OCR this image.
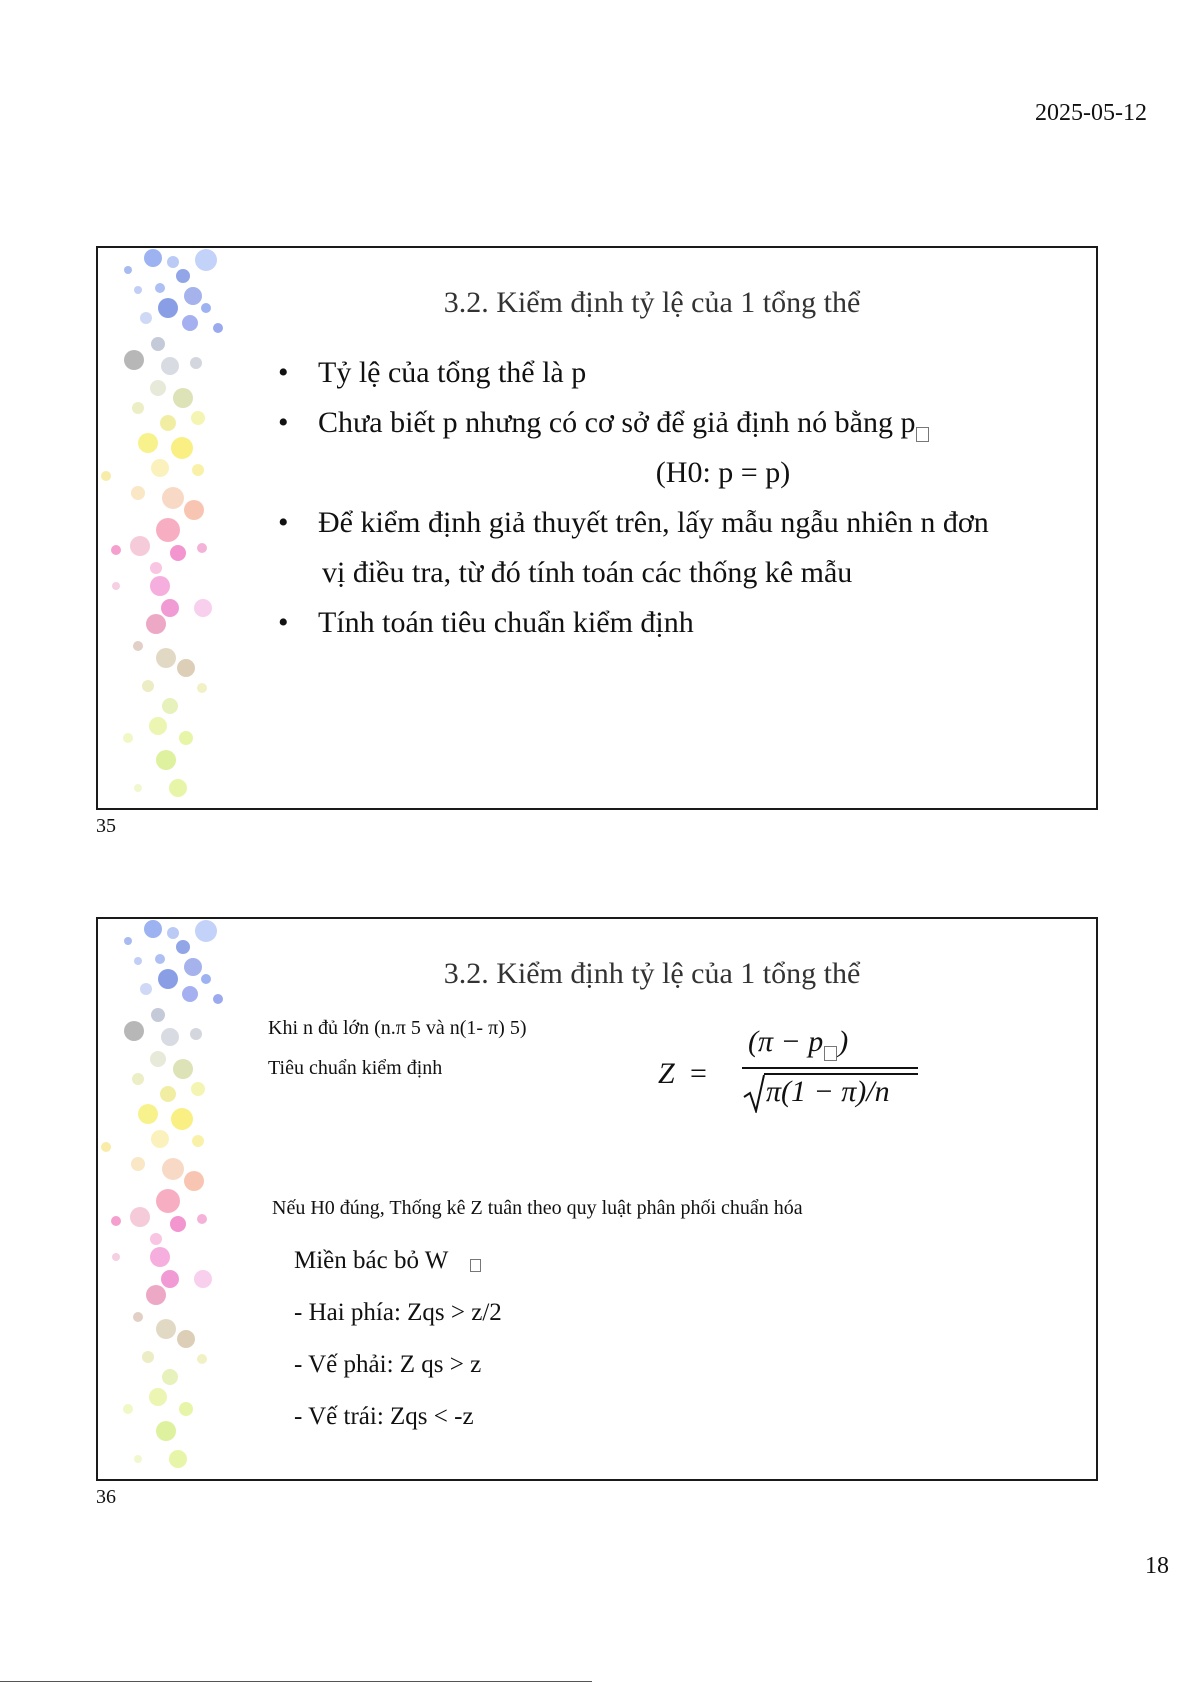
2025-05-12
3.2. Kiểm định tỷ lệ của 1 tổng thể
• Tỷ lệ của tổng thể là p
• Chưa biết p nhưng có cơ sở để giả định nó bằng p
(H0: p = p)
• Để kiểm định giả thuyết trên, lấy mẫu ngẫu nhiên n đơn
vị điều tra, từ đó tính toán các thống kê mẫu
• Tính toán tiêu chuẩn kiểm định
35
3.2. Kiểm định tỷ lệ của 1 tổng thể
Khi n đủ lớn (n.π 5 và n(1- π) 5)
Tiêu chuẩn kiểm định	Z =
(π − p )
π(1 − π)/n
Nếu H0 đúng, Thống kê Z tuân theo quy luật phân phối chuẩn hóa
Miền bác bỏ W
- Hai phía: Zqs > z/2
- Vế phải: Z qs > z
- Vế trái: Zqs < -z
36
18
